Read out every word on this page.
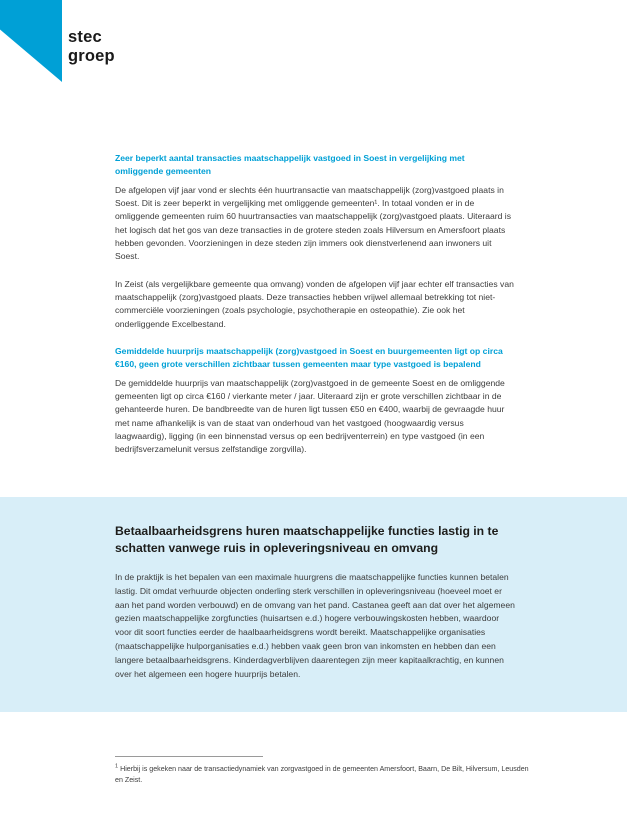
stec
groep
Zeer beperkt aantal transacties maatschappelijk vastgoed in Soest in vergelijking met omliggende gemeenten

De afgelopen vijf jaar vond er slechts één huurtransactie van maatschappelijk (zorg)vastgoed plaats in Soest. Dit is zeer beperkt in vergelijking met omliggende gemeenten¹. In totaal vonden er in de omliggende gemeenten ruim 60 huurtransacties van maatschappelijk (zorg)vastgoed plaats. Uiteraard is het logisch dat het gos van deze transacties in de grotere steden zoals Hilversum en Amersfoort plaats hebben gevonden. Voorzieningen in deze steden zijn immers ook dienstverlenend aan inwoners uit Soest.

In Zeist (als vergelijkbare gemeente qua omvang) vonden de afgelopen vijf jaar echter elf transacties van maatschappelijk (zorg)vastgoed plaats. Deze transacties hebben vrijwel allemaal betrekking tot niet-commerciële voorzieningen (zoals psychologie, psychotherapie en osteopathie). Zie ook het onderliggende Excelbestand.

Gemiddelde huurprijs maatschappelijk (zorg)vastgoed in Soest en buurgemeenten ligt op circa €160, geen grote verschillen zichtbaar tussen gemeenten maar type vastgoed is bepalend

De gemiddelde huurprijs van maatschappelijk (zorg)vastgoed in de gemeente Soest en de omliggende gemeenten ligt op circa €160 / vierkante meter / jaar. Uiteraard zijn er grote verschillen zichtbaar in de gehanteerde huren. De bandbreedte van de huren ligt tussen €50 en €400, waarbij de gevraagde huur met name afhankelijk is van de staat van onderhoud van het vastgoed (hoogwaardig versus laagwaardig), ligging (in een binnenstad versus op een bedrijventerrein) en type vastgoed (in een bedrijfsverzamelunit versus zelfstandige zorgvilla).

Betaalbaarheidsgrens huren maatschappelijke functies lastig in te schatten vanwege ruis in opleveringsniveau en omvang

In de praktijk is het bepalen van een maximale huurgrens die maatschappelijke functies kunnen betalen lastig. Dit omdat verhuurde objecten onderling sterk verschillen in opleveringsniveau (hoeveel moet er aan het pand worden verbouwd) en de omvang van het pand. Castanea geeft aan dat over het algemeen gezien maatschappelijke zorgfuncties (huisartsen e.d.) hogere verbouwingskosten hebben, waardoor voor dit soort functies eerder de haalbaarheidsgrens wordt bereikt. Maatschappelijke organisaties (maatschappelijke hulporganisaties e.d.) hebben vaak geen bron van inkomsten en hebben dan een langere betaalbaarheidsgrens. Kinderdagverblijven daarentegen zijn meer kapitaalkrachtig, en kunnen over het algemeen een hogere huurprijs betalen.

$^1$ Hierbij is gekeken naar de transactiedynamiek van zorgvastgoed in de gemeenten Amersfoort, Baarn, De Bilt, Hilversum, Leusden en Zeist.
